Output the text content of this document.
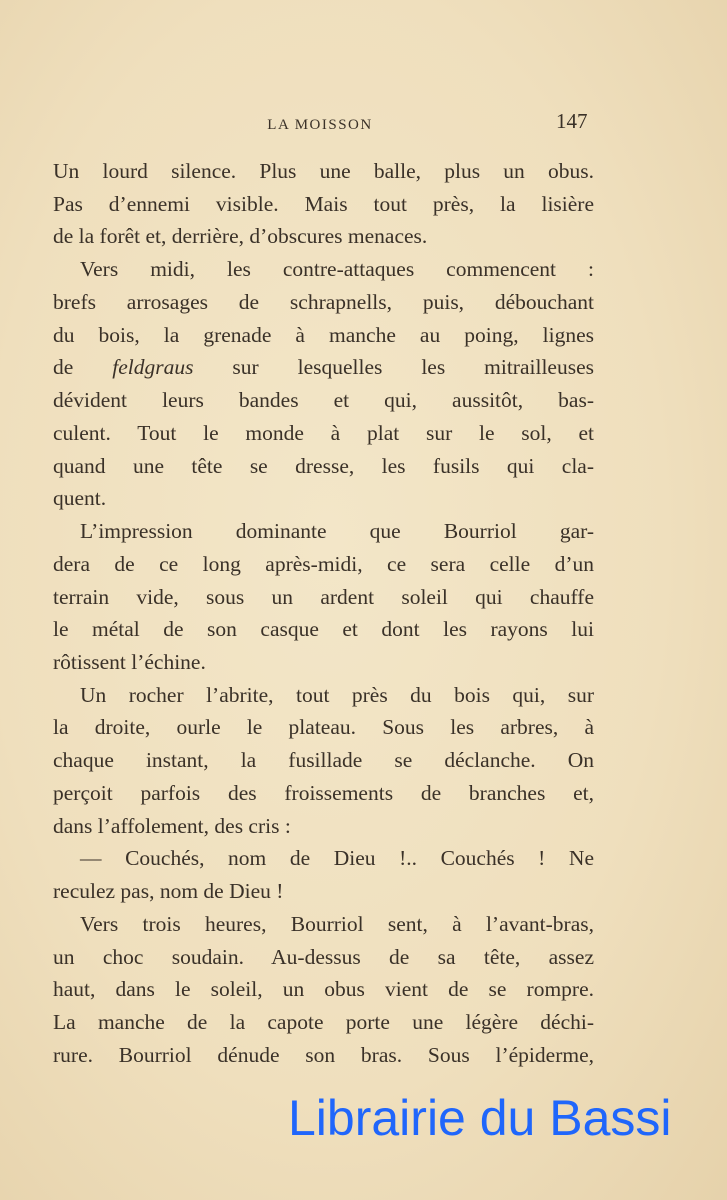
LA MOISSON	147
Un lourd silence. Plus une balle, plus un obus.
Pas d’ennemi visible. Mais tout près, la lisière
de la forêt et, derrière, d’obscures menaces.
Vers midi, les contre-attaques commencent :
brefs arrosages de schrapnells, puis, débouchant
du bois, la grenade à manche au poing, lignes
de feldgraus sur lesquelles les mitrailleuses
dévident leurs bandes et qui, aussitôt, bas-
culent. Tout le monde à plat sur le sol, et
quand une tête se dresse, les fusils qui cla-
quent.
L’impression dominante que Bourriol gar-
dera de ce long après-midi, ce sera celle d’un
terrain vide, sous un ardent soleil qui chauffe
le métal de son casque et dont les rayons lui
rôtissent l’échine.
Un rocher l’abrite, tout près du bois qui, sur
la droite, ourle le plateau. Sous les arbres, à
chaque instant, la fusillade se déclanche. On
perçoit parfois des froissements de branches et,
dans l’affolement, des cris :
— Couchés, nom de Dieu !.. Couchés ! Ne
reculez pas, nom de Dieu !
Vers trois heures, Bourriol sent, à l’avant-bras,
un choc soudain. Au-dessus de sa tête, assez
haut, dans le soleil, un obus vient de se rompre.
La manche de la capote porte une légère déchi-
rure. Bourriol dénude son bras. Sous l’épiderme,
Librairie du Bassi
